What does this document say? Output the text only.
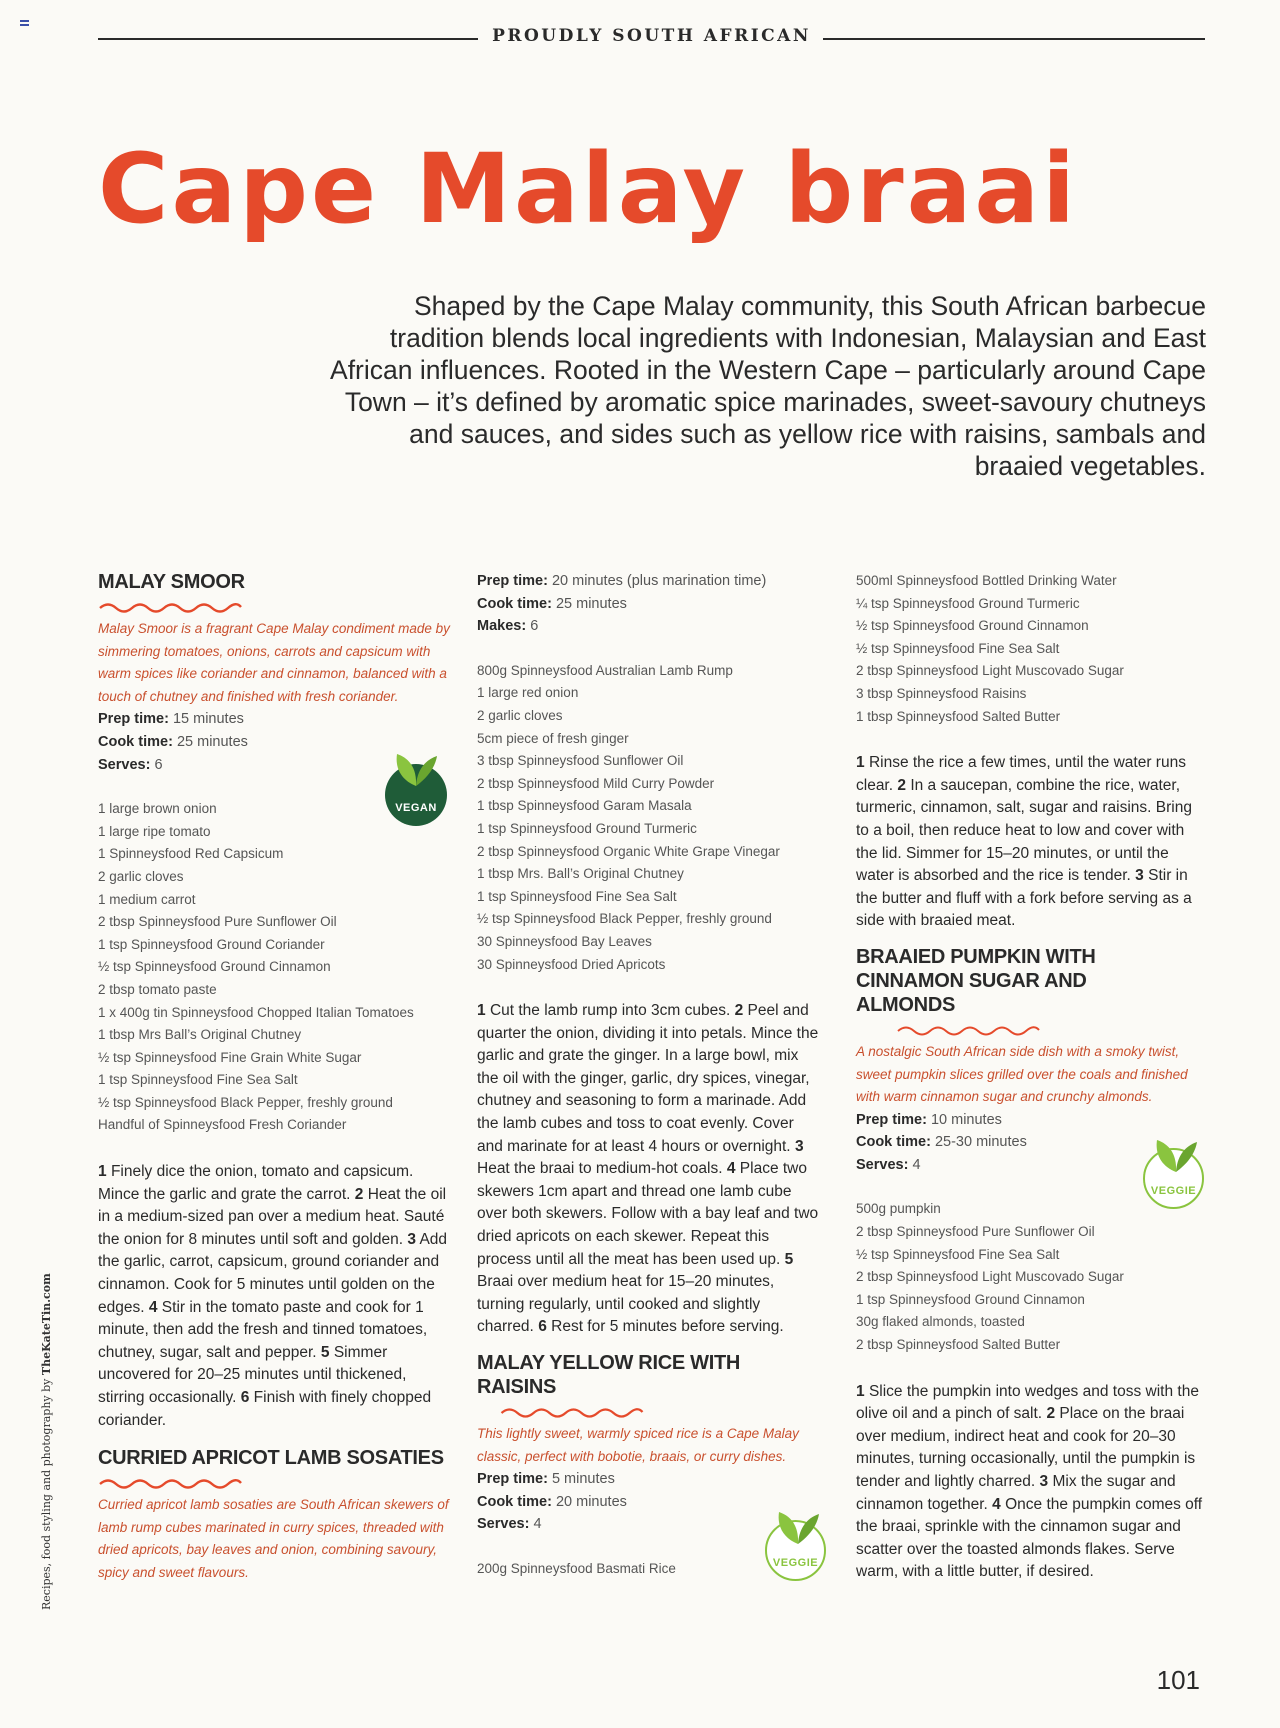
PROUDLY SOUTH AFRICAN
Cape Malay braai

Shaped by the Cape Malay community, this South African barbecue tradition blends local ingredients with Indonesian, Malaysian and East African influences. Rooted in the Western Cape – particularly around Cape Town – it’s defined by aromatic spice marinades, sweet-savoury chutneys and sauces, and sides such as yellow rice with raisins, sambals and braaied vegetables.

MALAY SMOOR

Malay Smoor is a fragrant Cape Malay condiment made by simmering tomatoes, onions, carrots and capsicum with warm spices like coriander and cinnamon, balanced with a touch of chutney and finished with fresh coriander.

Prep time: 15 minutes

Cook time: 25 minutes

Serves: 6

1 large brown onion
1 large ripe tomato
1 Spinneysfood Red Capsicum
2 garlic cloves
1 medium carrot
2 tbsp Spinneysfood Pure Sunflower Oil
1 tsp Spinneysfood Ground Coriander
½ tsp Spinneysfood Ground Cinnamon
2 tbsp tomato paste
1 x 400g tin Spinneysfood Chopped Italian Tomatoes
1 tbsp Mrs Ball’s Original Chutney
½ tsp Spinneysfood Fine Grain White Sugar
1 tsp Spinneysfood Fine Sea Salt
½ tsp Spinneysfood Black Pepper, freshly ground
Handful of Spinneysfood Fresh Coriander

1 Finely dice the onion, tomato and capsicum. Mince the garlic and grate the carrot. 2 Heat the oil in a medium-sized pan over a medium heat. Sauté the onion for 8 minutes until soft and golden. 3 Add the garlic, carrot, capsicum, ground coriander and cinnamon. Cook for 5 minutes until golden on the edges. 4 Stir in the tomato paste and cook for 1 minute, then add the fresh and tinned tomatoes, chutney, sugar, salt and pepper. 5 Simmer uncovered for 20–25 minutes until thickened, stirring occasionally. 6 Finish with finely chopped coriander.

CURRIED APRICOT LAMB SOSATIES

Curried apricot lamb sosaties are South African skewers of lamb rump cubes marinated in curry spices, threaded with dried apricots, bay leaves and onion, combining savoury, spicy and sweet flavours.

Prep time: 20 minutes (plus marination time)

Cook time: 25 minutes

Makes: 6

800g Spinneysfood Australian Lamb Rump
1 large red onion
2 garlic cloves
5cm piece of fresh ginger
3 tbsp Spinneysfood Sunflower Oil
2 tbsp Spinneysfood Mild Curry Powder
1 tbsp Spinneysfood Garam Masala
1 tsp Spinneysfood Ground Turmeric
2 tbsp Spinneysfood Organic White Grape Vinegar
1 tbsp Mrs. Ball’s Original Chutney
1 tsp Spinneysfood Fine Sea Salt
½ tsp Spinneysfood Black Pepper, freshly ground
30 Spinneysfood Bay Leaves
30 Spinneysfood Dried Apricots

1 Cut the lamb rump into 3cm cubes. 2 Peel and quarter the onion, dividing it into petals. Mince the garlic and grate the ginger. In a large bowl, mix the oil with the ginger, garlic, dry spices, vinegar, chutney and seasoning to form a marinade. Add the lamb cubes and toss to coat evenly. Cover and marinate for at least 4 hours or overnight. 3 Heat the braai to medium-hot coals. 4 Place two skewers 1cm apart and thread one lamb cube over both skewers. Follow with a bay leaf and two dried apricots on each skewer. Repeat this process until all the meat has been used up. 5 Braai over medium heat for 15–20 minutes, turning regularly, until cooked and slightly charred. 6 Rest for 5 minutes before serving.

MALAY YELLOW RICE WITH RAISINS

This lightly sweet, warmly spiced rice is a Cape Malay classic, perfect with bobotie, braais, or curry dishes.

Prep time: 5 minutes

Cook time: 20 minutes

Serves: 4

200g Spinneysfood Basmati Rice
500ml Spinneysfood Bottled Drinking Water
¼ tsp Spinneysfood Ground Turmeric
½ tsp Spinneysfood Ground Cinnamon
½ tsp Spinneysfood Fine Sea Salt
2 tbsp Spinneysfood Light Muscovado Sugar
3 tbsp Spinneysfood Raisins
1 tbsp Spinneysfood Salted Butter

1 Rinse the rice a few times, until the water runs clear. 2 In a saucepan, combine the rice, water, turmeric, cinnamon, salt, sugar and raisins. Bring to a boil, then reduce heat to low and cover with the lid. Simmer for 15–20 minutes, or until the water is absorbed and the rice is tender. 3 Stir in the butter and fluff with a fork before serving as a side with braaied meat.

BRAAIED PUMPKIN WITH CINNAMON SUGAR AND ALMONDS

A nostalgic South African side dish with a smoky twist, sweet pumpkin slices grilled over the coals and finished with warm cinnamon sugar and crunchy almonds.

Prep time: 10 minutes

Cook time: 25-30 minutes

Serves: 4

500g pumpkin
2 tbsp Spinneysfood Pure Sunflower Oil
½ tsp Spinneysfood Fine Sea Salt
2 tbsp Spinneysfood Light Muscovado Sugar
1 tsp Spinneysfood Ground Cinnamon
30g flaked almonds, toasted
2 tbsp Spinneysfood Salted Butter

1 Slice the pumpkin into wedges and toss with the olive oil and a pinch of salt. 2 Place on the braai over medium, indirect heat and cook for 20–30 minutes, turning occasionally, until the pumpkin is tender and lightly charred. 3 Mix the sugar and cinnamon together. 4 Once the pumpkin comes off the braai, sprinkle with the cinnamon sugar and scatter over the toasted almonds flakes. Serve warm, with a little butter, if desired.

VEGAN
VEGGIE
VEGGIE
Recipes, food styling and photography by TheKateTin.com
101
